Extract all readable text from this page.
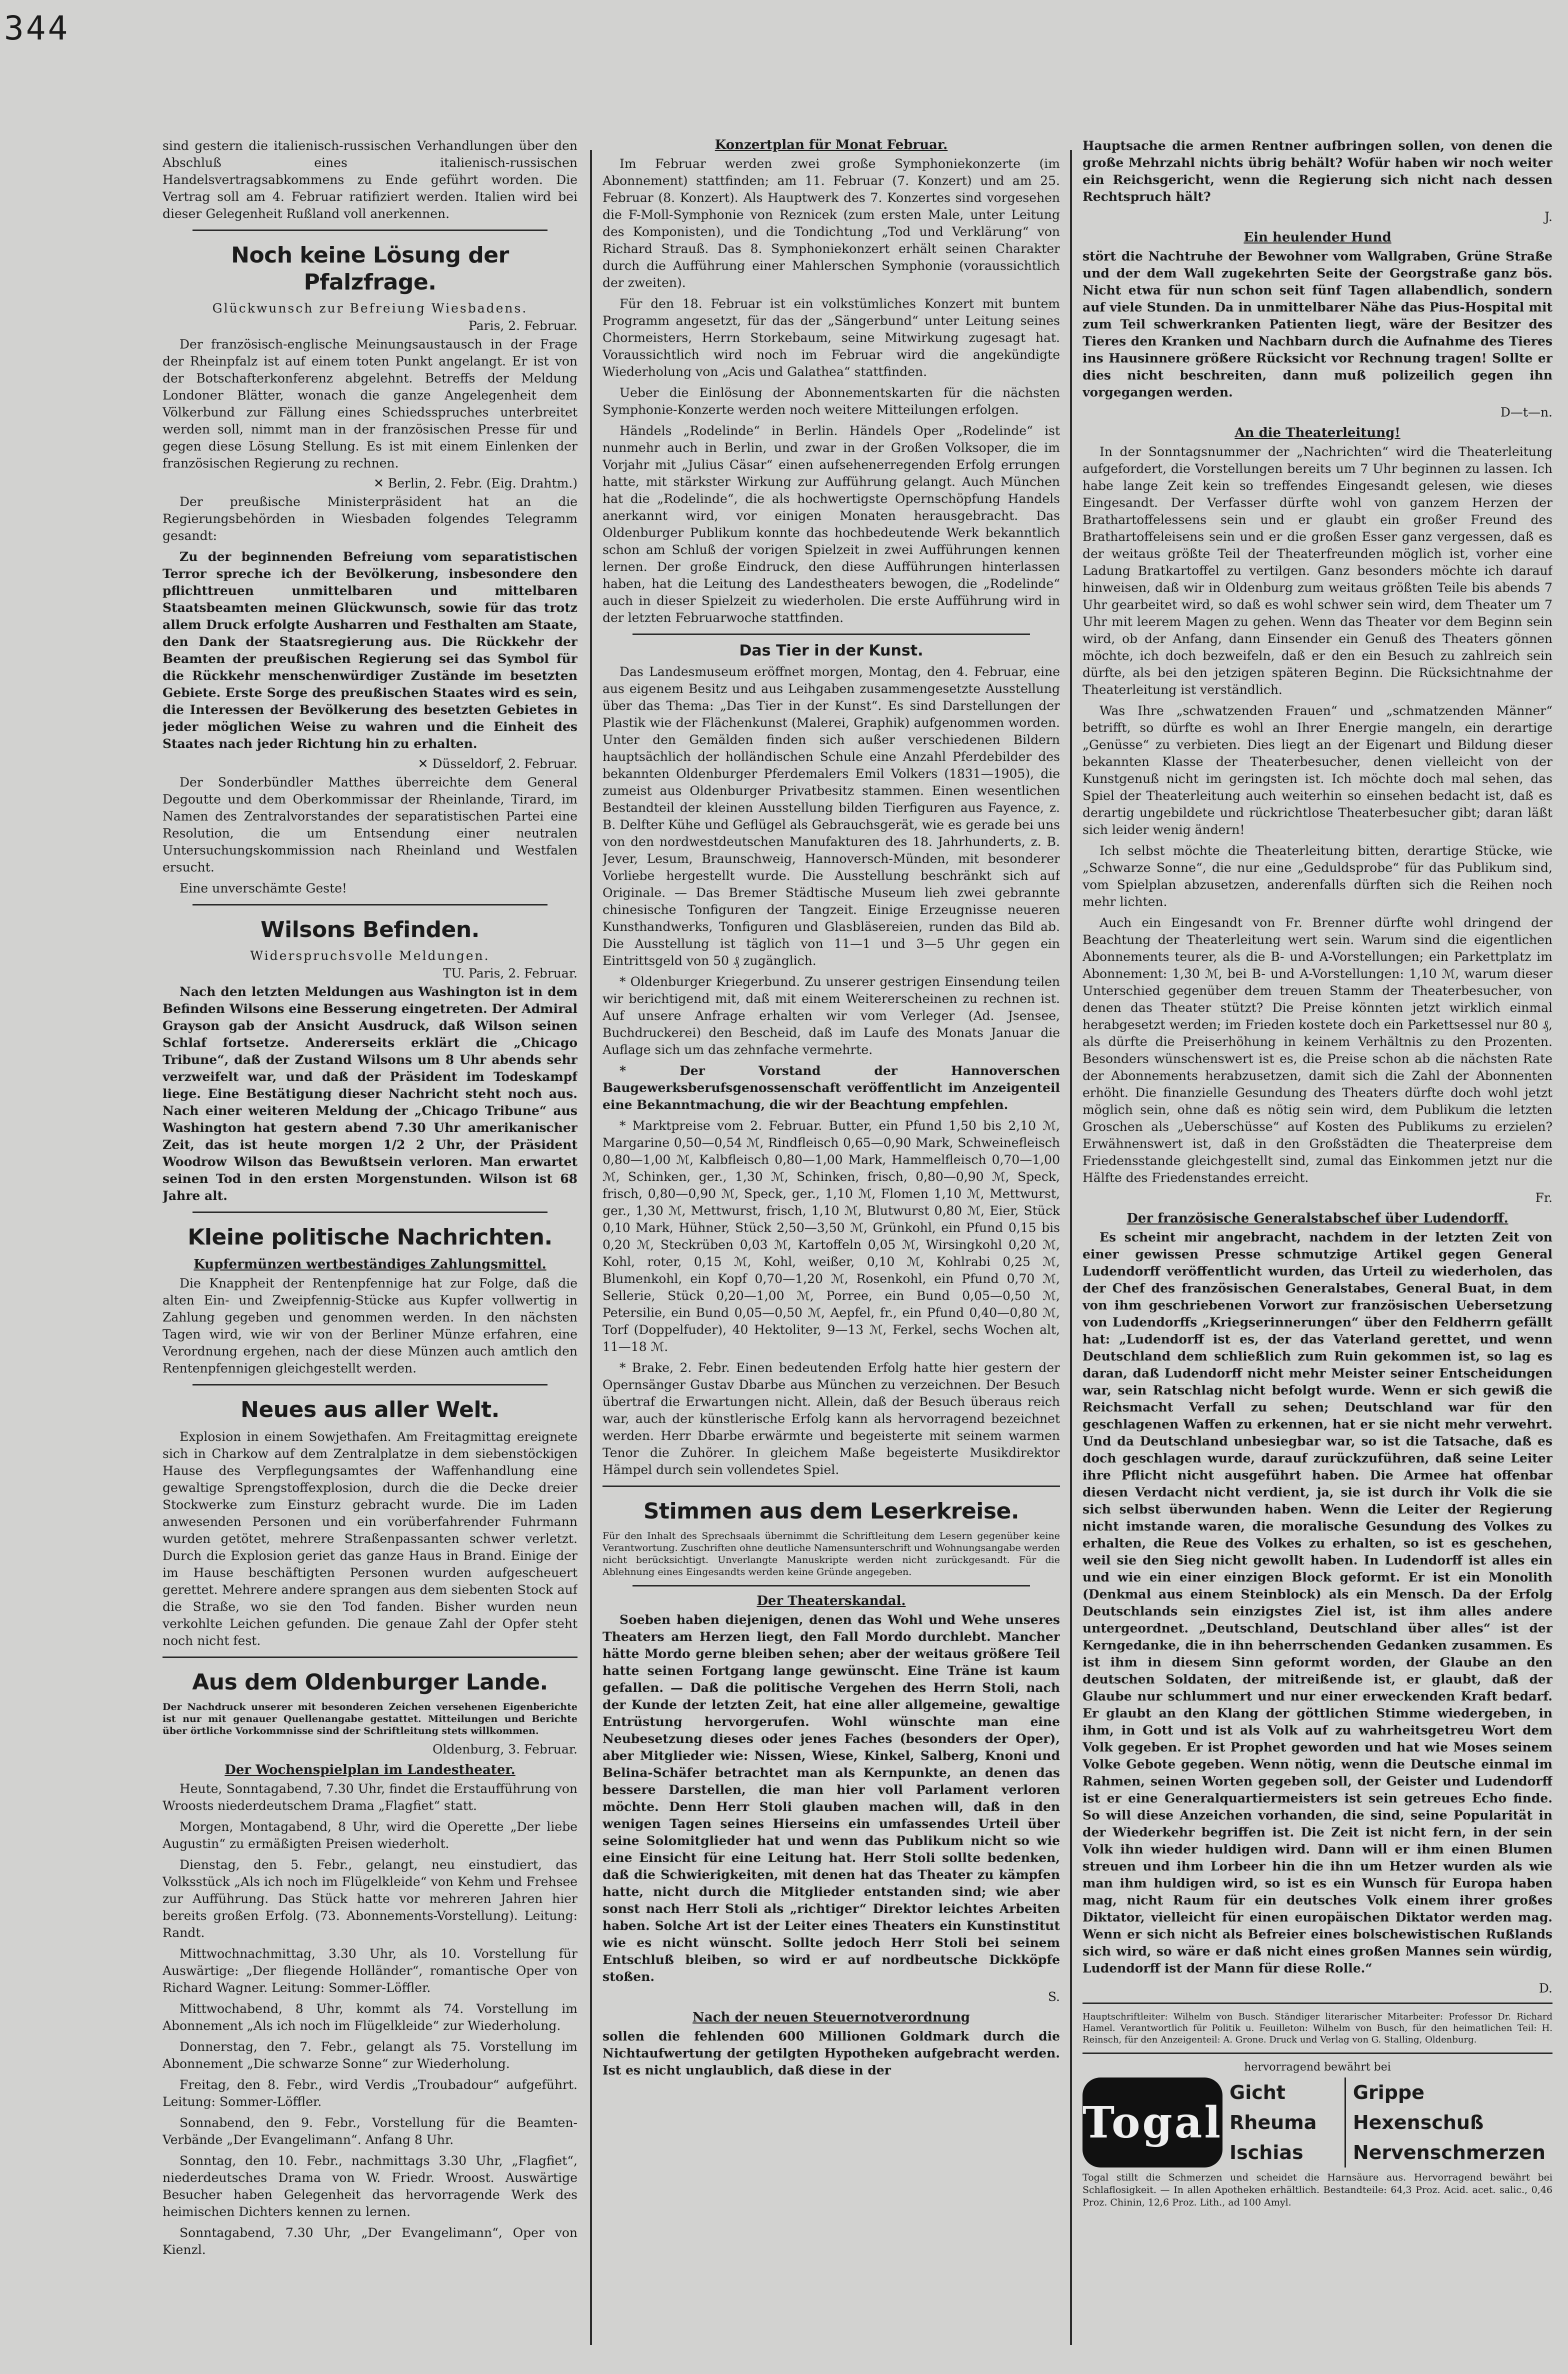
344

sind gestern die italienisch-russischen Verhandlungen über den Abschluß eines italienisch-russischen Handelsvertragsabkommens zu Ende geführt worden. Die Vertrag soll am 4. Februar ratifiziert werden. Italien wird bei dieser Gelegenheit Rußland voll anerkennen.

Noch keine Lösung der Pfalzfrage.
Glückwunsch zur Befreiung Wiesbadens.
Paris, 2. Februar.

Der französisch-englische Meinungsaustausch in der Frage der Rheinpfalz ist auf einem toten Punkt angelangt. Er ist von der Botschafterkonferenz abgelehnt. Betreffs der Meldung Londoner Blätter, wonach die ganze Angelegenheit dem Völkerbund zur Fällung eines Schiedsspruches unterbreitet werden soll, nimmt man in der französischen Presse für und gegen diese Lösung Stellung. Es ist mit einem Einlenken der französischen Regierung zu rechnen.

✕ Berlin, 2. Febr. (Eig. Drahtm.)

Der preußische Ministerpräsident hat an die Regierungsbehörden in Wiesbaden folgendes Telegramm gesandt:

Zu der beginnenden Befreiung vom separatistischen Terror spreche ich der Bevölkerung, insbesondere den pflichttreuen unmittelbaren und mittelbaren Staatsbeamten meinen Glückwunsch, sowie für das trotz allem Druck erfolgte Ausharren und Festhalten am Staate, den Dank der Staatsregierung aus. Die Rückkehr der Beamten der preußischen Regierung sei das Symbol für die Rückkehr menschenwürdiger Zustände im besetzten Gebiete. Erste Sorge des preußischen Staates wird es sein, die Interessen der Bevölkerung des besetzten Gebietes in jeder möglichen Weise zu wahren und die Einheit des Staates nach jeder Richtung hin zu erhalten.

✕ Düsseldorf, 2. Februar.

Der Sonderbündler Matthes überreichte dem General Degoutte und dem Oberkommissar der Rheinlande, Tirard, im Namen des Zentralvorstandes der separatistischen Partei eine Resolution, die um Entsendung einer neutralen Untersuchungskommission nach Rheinland und Westfalen ersucht.

Eine unverschämte Geste!

Wilsons Befinden.
Widerspruchsvolle Meldungen.
TU. Paris, 2. Februar.

Nach den letzten Meldungen aus Washington ist in dem Befinden Wilsons eine Besserung eingetreten. Der Admiral Grayson gab der Ansicht Ausdruck, daß Wilson seinen Schlaf fortsetze. Andererseits erklärt die „Chicago Tribune“, daß der Zustand Wilsons um 8 Uhr abends sehr verzweifelt war, und daß der Präsident im Todeskampf liege. Eine Bestätigung dieser Nachricht steht noch aus. Nach einer weiteren Meldung der „Chicago Tribune“ aus Washington hat gestern abend 7.30 Uhr amerikanischer Zeit, das ist heute morgen 1/2 2 Uhr, der Präsident Woodrow Wilson das Bewußtsein verloren. Man erwartet seinen Tod in den ersten Morgenstunden. Wilson ist 68 Jahre alt.

Kleine politische Nachrichten.
Kupfermünzen wertbeständiges Zahlungsmittel.

Die Knappheit der Rentenpfennige hat zur Folge, daß die alten Ein- und Zweipfennig-Stücke aus Kupfer vollwertig in Zahlung gegeben und genommen werden. In den nächsten Tagen wird, wie wir von der Berliner Münze erfahren, eine Verordnung ergehen, nach der diese Münzen auch amtlich den Rentenpfennigen gleichgestellt werden.

Neues aus aller Welt.

Explosion in einem Sowjethafen. Am Freitagmittag ereignete sich in Charkow auf dem Zentralplatze in dem siebenstöckigen Hause des Verpflegungsamtes der Waffenhandlung eine gewaltige Sprengstoffexplosion, durch die die Decke dreier Stockwerke zum Einsturz gebracht wurde. Die im Laden anwesenden Personen und ein vorüberfahrender Fuhrmann wurden getötet, mehrere Straßenpassanten schwer verletzt. Durch die Explosion geriet das ganze Haus in Brand. Einige der im Hause beschäftigten Personen wurden aufgescheuert gerettet. Mehrere andere sprangen aus dem siebenten Stock auf die Straße, wo sie den Tod fanden. Bisher wurden neun verkohlte Leichen gefunden. Die genaue Zahl der Opfer steht noch nicht fest.

Aus dem Oldenburger Lande.
Der Nachdruck unserer mit besonderen Zeichen versehenen Eigenberichte ist nur mit genauer Quellenangabe gestattet. Mitteilungen und Berichte über örtliche Vorkommnisse sind der Schriftleitung stets willkommen.
Oldenburg, 3. Februar.
Der Wochenspielplan im Landestheater.

Heute, Sonntagabend, 7.30 Uhr, findet die Erstaufführung von Wroosts niederdeutschem Drama „Flagfiet“ statt.

Morgen, Montagabend, 8 Uhr, wird die Operette „Der liebe Augustin“ zu ermäßigten Preisen wiederholt.

Dienstag, den 5. Febr., gelangt, neu einstudiert, das Volksstück „Als ich noch im Flügelkleide“ von Kehm und Frehsee zur Aufführung. Das Stück hatte vor mehreren Jahren hier bereits großen Erfolg. (73. Abonnements-Vorstellung). Leitung: Randt.

Mittwochnachmittag, 3.30 Uhr, als 10. Vorstellung für Auswärtige: „Der fliegende Holländer“, romantische Oper von Richard Wagner. Leitung: Sommer-Löffler.

Mittwochabend, 8 Uhr, kommt als 74. Vorstellung im Abonnement „Als ich noch im Flügelkleide“ zur Wiederholung.

Donnerstag, den 7. Febr., gelangt als 75. Vorstellung im Abonnement „Die schwarze Sonne“ zur Wiederholung.

Freitag, den 8. Febr., wird Verdis „Troubadour“ aufgeführt. Leitung: Sommer-Löffler.

Sonnabend, den 9. Febr., Vorstellung für die Beamten-Verbände „Der Evangelimann“. Anfang 8 Uhr.

Sonntag, den 10. Febr., nachmittags 3.30 Uhr, „Flagfiet“, niederdeutsches Drama von W. Friedr. Wroost. Auswärtige Besucher haben Gelegenheit das hervorragende Werk des heimischen Dichters kennen zu lernen.

Sonntagabend, 7.30 Uhr, „Der Evangelimann“, Oper von Kienzl.

Konzertplan für Monat Februar.

Im Februar werden zwei große Symphoniekonzerte (im Abonnement) stattfinden; am 11. Februar (7. Konzert) und am 25. Februar (8. Konzert). Als Hauptwerk des 7. Konzertes sind vorgesehen die F-Moll-Symphonie von Reznicek (zum ersten Male, unter Leitung des Komponisten), und die Tondichtung „Tod und Verklärung“ von Richard Strauß. Das 8. Symphoniekonzert erhält seinen Charakter durch die Aufführung einer Mahlerschen Symphonie (voraussichtlich der zweiten).

Für den 18. Februar ist ein volkstümliches Konzert mit buntem Programm angesetzt, für das der „Sängerbund“ unter Leitung seines Chormeisters, Herrn Storkebaum, seine Mitwirkung zugesagt hat. Voraussichtlich wird noch im Februar wird die angekündigte Wiederholung von „Acis und Galathea“ stattfinden.

Ueber die Einlösung der Abonnementskarten für die nächsten Symphonie-Konzerte werden noch weitere Mitteilungen erfolgen.

Händels „Rodelinde“ in Berlin. Händels Oper „Rodelinde“ ist nunmehr auch in Berlin, und zwar in der Großen Volksoper, die im Vorjahr mit „Julius Cäsar“ einen aufsehenerregenden Erfolg errungen hatte, mit stärkster Wirkung zur Aufführung gelangt. Auch München hat die „Rodelinde“, die als hochwertigste Opernschöpfung Handels anerkannt wird, vor einigen Monaten herausgebracht. Das Oldenburger Publikum konnte das hochbedeutende Werk bekanntlich schon am Schluß der vorigen Spielzeit in zwei Aufführungen kennen lernen. Der große Eindruck, den diese Aufführungen hinterlassen haben, hat die Leitung des Landestheaters bewogen, die „Rodelinde“ auch in dieser Spielzeit zu wiederholen. Die erste Aufführung wird in der letzten Februarwoche stattfinden.

Das Tier in der Kunst.

Das Landesmuseum eröffnet morgen, Montag, den 4. Februar, eine aus eigenem Besitz und aus Leihgaben zusammengesetzte Ausstellung über das Thema: „Das Tier in der Kunst“. Es sind Darstellungen der Plastik wie der Flächenkunst (Malerei, Graphik) aufgenommen worden. Unter den Gemälden finden sich außer verschiedenen Bildern hauptsächlich der holländischen Schule eine Anzahl Pferdebilder des bekannten Oldenburger Pferdemalers Emil Volkers (1831—1905), die zumeist aus Oldenburger Privatbesitz stammen. Einen wesentlichen Bestandteil der kleinen Ausstellung bilden Tierfiguren aus Fayence, z. B. Delfter Kühe und Geflügel als Gebrauchsgerät, wie es gerade bei uns von den nordwestdeutschen Manufakturen des 18. Jahrhunderts, z. B. Jever, Lesum, Braunschweig, Hannoversch-Münden, mit besonderer Vorliebe hergestellt wurde. Die Ausstellung beschränkt sich auf Originale. — Das Bremer Städtische Museum lieh zwei gebrannte chinesische Tonfiguren der Tangzeit. Einige Erzeugnisse neueren Kunsthandwerks, Tonfiguren und Glasbläsereien, runden das Bild ab. Die Ausstellung ist täglich von 11—1 und 3—5 Uhr gegen ein Eintrittsgeld von 50 ₰ zugänglich.

* Oldenburger Kriegerbund. Zu unserer gestrigen Einsendung teilen wir berichtigend mit, daß mit einem Weitererscheinen zu rechnen ist. Auf unsere Anfrage erhalten wir vom Verleger (Ad. Jsensee, Buchdruckerei) den Bescheid, daß im Laufe des Monats Januar die Auflage sich um das zehnfache vermehrte.

* Der Vorstand der Hannoverschen Baugewerksberufsgenossenschaft veröffentlicht im Anzeigenteil eine Bekanntmachung, die wir der Beachtung empfehlen.

* Marktpreise vom 2. Februar. Butter, ein Pfund 1,50 bis 2,10 ℳ, Margarine 0,50—0,54 ℳ, Rindfleisch 0,65—0,90 Mark, Schweinefleisch 0,80—1,00 ℳ, Kalbfleisch 0,80—1,00 Mark, Hammelfleisch 0,70—1,00 ℳ, Schinken, ger., 1,30 ℳ, Schinken, frisch, 0,80—0,90 ℳ, Speck, frisch, 0,80—0,90 ℳ, Speck, ger., 1,10 ℳ, Flomen 1,10 ℳ, Mettwurst, ger., 1,30 ℳ, Mettwurst, frisch, 1,10 ℳ, Blutwurst 0,80 ℳ, Eier, Stück 0,10 Mark, Hühner, Stück 2,50—3,50 ℳ, Grünkohl, ein Pfund 0,15 bis 0,20 ℳ, Steckrüben 0,03 ℳ, Kartoffeln 0,05 ℳ, Wirsingkohl 0,20 ℳ, Kohl, roter, 0,15 ℳ, Kohl, weißer, 0,10 ℳ, Kohlrabi 0,25 ℳ, Blumenkohl, ein Kopf 0,70—1,20 ℳ, Rosenkohl, ein Pfund 0,70 ℳ, Sellerie, Stück 0,20—1,00 ℳ, Porree, ein Bund 0,05—0,50 ℳ, Petersilie, ein Bund 0,05—0,50 ℳ, Aepfel, fr., ein Pfund 0,40—0,80 ℳ, Torf (Doppelfuder), 40 Hektoliter, 9—13 ℳ, Ferkel, sechs Wochen alt, 11—18 ℳ.

* Brake, 2. Febr. Einen bedeutenden Erfolg hatte hier gestern der Opernsänger Gustav Dbarbe aus München zu verzeichnen. Der Besuch übertraf die Erwartungen nicht. Allein, daß der Besuch überaus reich war, auch der künstlerische Erfolg kann als hervorragend bezeichnet werden. Herr Dbarbe erwärmte und begeisterte mit seinem warmen Tenor die Zuhörer. In gleichem Maße begeisterte Musikdirektor Hämpel durch sein vollendetes Spiel.

Stimmen aus dem Leserkreise.
Für den Inhalt des Sprechsaals übernimmt die Schriftleitung dem Lesern gegenüber keine Verantwortung. Zuschriften ohne deutliche Namensunterschrift und Wohnungsangabe werden nicht berücksichtigt. Unverlangte Manuskripte werden nicht zurückgesandt. Für die Ablehnung eines Eingesandts werden keine Gründe angegeben.
Der Theaterskandal.

Soeben haben diejenigen, denen das Wohl und Wehe unseres Theaters am Herzen liegt, den Fall Mordo durchlebt. Mancher hätte Mordo gerne bleiben sehen; aber der weitaus größere Teil hatte seinen Fortgang lange gewünscht. Eine Träne ist kaum gefallen. — Daß die politische Vergehen des Herrn Stoli, nach der Kunde der letzten Zeit, hat eine aller allgemeine, gewaltige Entrüstung hervorgerufen. Wohl wünschte man eine Neubesetzung dieses oder jenes Faches (besonders der Oper), aber Mitglieder wie: Nissen, Wiese, Kinkel, Salberg, Knoni und Belina-Schäfer betrachtet man als Kernpunkte, an denen das bessere Darstellen, die man hier voll Parlament verloren möchte. Denn Herr Stoli glauben machen will, daß in den wenigen Tagen seines Hierseins ein umfassendes Urteil über seine Solomitglieder hat und wenn das Publikum nicht so wie eine Einsicht für eine Leitung hat. Herr Stoli sollte bedenken, daß die Schwierigkeiten, mit denen hat das Theater zu kämpfen hatte, nicht durch die Mitglieder entstanden sind; wie aber sonst nach Herr Stoli als „richtiger“ Direktor leichtes Arbeiten haben. Solche Art ist der Leiter eines Theaters ein Kunstinstitut wie es nicht wünscht. Sollte jedoch Herr Stoli bei seinem Entschluß bleiben, so wird er auf nordbeutsche Dickköpfe stoßen.

S.
Nach der neuen Steuernotverordnung

sollen die fehlenden 600 Millionen Goldmark durch die Nichtaufwertung der getilgten Hypotheken aufgebracht werden. Ist es nicht unglaublich, daß diese in der

Hauptsache die armen Rentner aufbringen sollen, von denen die große Mehrzahl nichts übrig behält? Wofür haben wir noch weiter ein Reichsgericht, wenn die Regierung sich nicht nach dessen Rechtspruch hält?

J.
Ein heulender Hund

stört die Nachtruhe der Bewohner vom Wallgraben, Grüne Straße und der dem Wall zugekehrten Seite der Georgstraße ganz bös. Nicht etwa für nun schon seit fünf Tagen allabendlich, sondern auf viele Stunden. Da in unmittelbarer Nähe das Pius-Hospital mit zum Teil schwerkranken Patienten liegt, wäre der Besitzer des Tieres den Kranken und Nachbarn durch die Aufnahme des Tieres ins Hausinnere größere Rücksicht vor Rechnung tragen! Sollte er dies nicht beschreiten, dann muß polizeilich gegen ihn vorgegangen werden.

D—t—n.
An die Theaterleitung!

In der Sonntagsnummer der „Nachrichten“ wird die Theaterleitung aufgefordert, die Vorstellungen bereits um 7 Uhr beginnen zu lassen. Ich habe lange Zeit kein so treffendes Eingesandt gelesen, wie dieses Eingesandt. Der Verfasser dürfte wohl von ganzem Herzen der Brathartoffelessens sein und er glaubt ein großer Freund des Brathartoffeleisens sein und er die großen Esser ganz vergessen, daß es der weitaus größte Teil der Theaterfreunden möglich ist, vorher eine Ladung Bratkartoffel zu vertilgen. Ganz besonders möchte ich darauf hinweisen, daß wir in Oldenburg zum weitaus größten Teile bis abends 7 Uhr gearbeitet wird, so daß es wohl schwer sein wird, dem Theater um 7 Uhr mit leerem Magen zu gehen. Wenn das Theater vor dem Beginn sein wird, ob der Anfang, dann Einsender ein Genuß des Theaters gönnen möchte, ich doch bezweifeln, daß er den ein Besuch zu zahlreich sein dürfte, als bei den jetzigen späteren Beginn. Die Rücksichtnahme der Theaterleitung ist verständlich.

Was Ihre „schwatzenden Frauen“ und „schmatzenden Männer“ betrifft, so dürfte es wohl an Ihrer Energie mangeln, ein derartige „Genüsse“ zu verbieten. Dies liegt an der Eigenart und Bildung dieser bekannten Klasse der Theaterbesucher, denen vielleicht von der Kunstgenuß nicht im geringsten ist. Ich möchte doch mal sehen, das Spiel der Theaterleitung auch weiterhin so einsehen bedacht ist, daß es derartig ungebildete und rückrichtlose Theaterbesucher gibt; daran läßt sich leider wenig ändern!

Ich selbst möchte die Theaterleitung bitten, derartige Stücke, wie „Schwarze Sonne“, die nur eine „Geduldsprobe“ für das Publikum sind, vom Spielplan abzusetzen, anderenfalls dürften sich die Reihen noch mehr lichten.

Auch ein Eingesandt von Fr. Brenner dürfte wohl dringend der Beachtung der Theaterleitung wert sein. Warum sind die eigentlichen Abonnements teurer, als die B- und A-Vorstellungen; ein Parkettplatz im Abonnement: 1,30 ℳ, bei B- und A-Vorstellungen: 1,10 ℳ, warum dieser Unterschied gegenüber dem treuen Stamm der Theaterbesucher, von denen das Theater stützt? Die Preise könnten jetzt wirklich einmal herabgesetzt werden; im Frieden kostete doch ein Parkettsessel nur 80 ₰, als dürfte die Preiserhöhung in keinem Verhältnis zu den Prozenten. Besonders wünschenswert ist es, die Preise schon ab die nächsten Rate der Abonnements herabzusetzen, damit sich die Zahl der Abonnenten erhöht. Die finanzielle Gesundung des Theaters dürfte doch wohl jetzt möglich sein, ohne daß es nötig sein wird, dem Publikum die letzten Groschen als „Ueberschüsse“ auf Kosten des Publikums zu erzielen? Erwähnenswert ist, daß in den Großstädten die Theaterpreise dem Friedensstande gleichgestellt sind, zumal das Einkommen jetzt nur die Hälfte des Friedenstandes erreicht.

Fr.
Der französische Generalstabschef über Ludendorff.

Es scheint mir angebracht, nachdem in der letzten Zeit von einer gewissen Presse schmutzige Artikel gegen General Ludendorff veröffentlicht wurden, das Urteil zu wiederholen, das der Chef des französischen Generalstabes, General Buat, in dem von ihm geschriebenen Vorwort zur französischen Uebersetzung von Ludendorffs „Kriegserinnerungen“ über den Feldherrn gefällt hat: „Ludendorff ist es, der das Vaterland gerettet, und wenn Deutschland dem schließlich zum Ruin gekommen ist, so lag es daran, daß Ludendorff nicht mehr Meister seiner Entscheidungen war, sein Ratschlag nicht befolgt wurde. Wenn er sich gewiß die Reichsmacht Verfall zu sehen; Deutschland war für den geschlagenen Waffen zu erkennen, hat er sie nicht mehr verwehrt. Und da Deutschland unbesiegbar war, so ist die Tatsache, daß es doch geschlagen wurde, darauf zurückzuführen, daß seine Leiter ihre Pflicht nicht ausgeführt haben. Die Armee hat offenbar diesen Verdacht nicht verdient, ja, sie ist durch ihr Volk die sie sich selbst überwunden haben. Wenn die Leiter der Regierung nicht imstande waren, die moralische Gesundung des Volkes zu erhalten, die Reue des Volkes zu erhalten, so ist es geschehen, weil sie den Sieg nicht gewollt haben. In Ludendorff ist alles ein und wie ein einer einzigen Block geformt. Er ist ein Monolith (Denkmal aus einem Steinblock) als ein Mensch. Da der Erfolg Deutschlands sein einzigstes Ziel ist, ist ihm alles andere untergeordnet. „Deutschland, Deutschland über alles“ ist der Kerngedanke, die in ihn beherrschenden Gedanken zusammen. Es ist ihm in diesem Sinn geformt worden, der Glaube an den deutschen Soldaten, der mitreißende ist, er glaubt, daß der Glaube nur schlummert und nur einer erweckenden Kraft bedarf. Er glaubt an den Klang der göttlichen Stimme wiedergeben, in ihm, in Gott und ist als Volk auf zu wahrheitsgetreu Wort dem Volk gegeben. Er ist Prophet geworden und hat wie Moses seinem Volke Gebote gegeben. Wenn nötig, wenn die Deutsche einmal im Rahmen, seinen Worten gegeben soll, der Geister und Ludendorff ist er eine Generalquartiermeisters ist sein getreues Echo finde. So will diese Anzeichen vorhanden, die sind, seine Popularität in der Wiederkehr begriffen ist. Die Zeit ist nicht fern, in der sein Volk ihn wieder huldigen wird. Dann will er ihm einen Blumen streuen und ihm Lorbeer hin die ihn um Hetzer wurden als wie man ihm huldigen wird, so ist es ein Wunsch für Europa haben mag, nicht Raum für ein deutsches Volk einem ihrer großes Diktator, vielleicht für einen europäischen Diktator werden mag. Wenn er sich nicht als Befreier eines bolschewistischen Rußlands sich wird, so wäre er daß nicht eines großen Mannes sein würdig, Ludendorff ist der Mann für diese Rolle.“

D.
Hauptschriftleiter: Wilhelm von Busch. Ständiger literarischer Mitarbeiter: Professor Dr. Richard Hamel. Verantwortlich für Politik u. Feuilleton: Wilhelm von Busch, für den heimatlichen Teil: H. Reinsch, für den Anzeigenteil: A. Grone. Druck und Verlag von G. Stalling, Oldenburg.
hervorragend bewährt bei
Togal
Gicht
Rheuma
Ischias
Grippe
Hexenschuß
Nervenschmerzen
Togal stillt die Schmerzen und scheidet die Harnsäure aus. Hervorragend bewährt bei Schlaflosigkeit. — In allen Apotheken erhältlich. Bestandteile: 64,3 Proz. Acid. acet. salic., 0,46 Proz. Chinin, 12,6 Proz. Lith., ad 100 Amyl.
